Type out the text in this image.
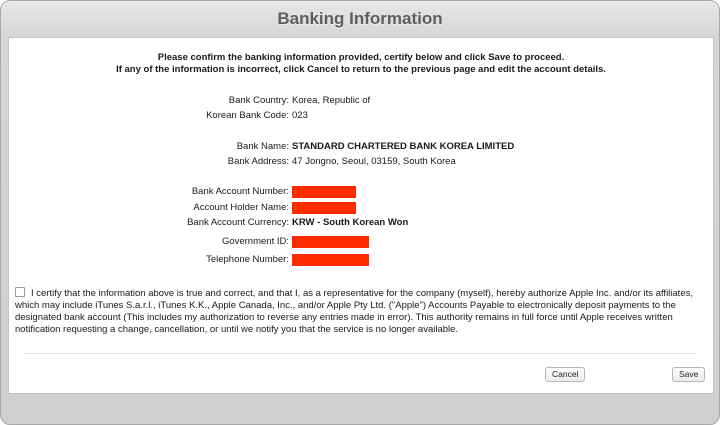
Banking Information
Please confirm the banking information provided, certify below and click Save to proceed.
If any of the information is incorrect, click Cancel to return to the previous page and edit the account details.
Bank Country: Korea, Republic of
Korean Bank Code: 023
Bank Name: STANDARD CHARTERED BANK KOREA LIMITED
Bank Address: 47 Jongno, Seoul, 03159, South Korea
Bank Account Number:
Account Holder Name:
Bank Account Currency: KRW - South Korean Won
Government ID:
Telephone Number:
I certify that the information above is true and correct, and that I, as a representative for the company (myself), hereby authorize Apple Inc. and/or its affiliates, which may include iTunes S.a.r.l., iTunes K.K., Apple Canada, Inc., and/or Apple Pty Ltd. ("Apple") Accounts Payable to electronically deposit payments to the designated bank account (This includes my authorization to reverse any entries made in error). This authority remains in full force until Apple receives written notification requesting a change, cancellation, or until we notify you that the service is no longer available.
Cancel	Save
